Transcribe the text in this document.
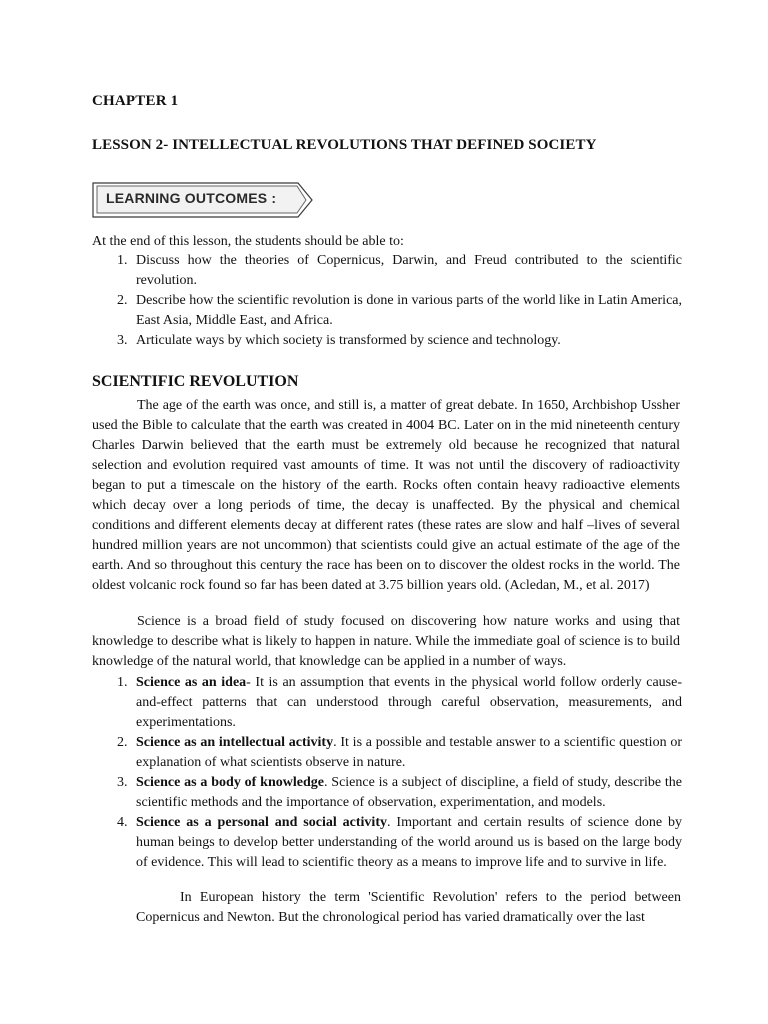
CHAPTER 1
LESSON 2- INTELLECTUAL REVOLUTIONS THAT DEFINED SOCIETY
LEARNING OUTCOMES :
At the end of this lesson, the students should be able to:
1. Discuss how the theories of Copernicus, Darwin, and Freud contributed to the scientific revolution.
2. Describe how the scientific revolution is done in various parts of the world like in Latin America, East Asia, Middle East, and Africa.
3. Articulate ways by which society is transformed by science and technology.
SCIENTIFIC REVOLUTION
The age of the earth was once, and still is, a matter of great debate. In 1650, Archbishop Ussher used the Bible to calculate that the earth was created in 4004 BC. Later on in the mid nineteenth century Charles Darwin believed that the earth must be extremely old because he recognized that natural selection and evolution required vast amounts of time. It was not until the discovery of radioactivity began to put a timescale on the history of the earth. Rocks often contain heavy radioactive elements which decay over a long periods of time, the decay is unaffected. By the physical and chemical conditions and different elements decay at different rates (these rates are slow and half –lives of several hundred million years are not uncommon) that scientists could give an actual estimate of the age of the earth. And so throughout this century the race has been on to discover the oldest rocks in the world. The oldest volcanic rock found so far has been dated at 3.75 billion years old. (Acledan, M., et al. 2017)
Science is a broad field of study focused on discovering how nature works and using that knowledge to describe what is likely to happen in nature. While the immediate goal of science is to build knowledge of the natural world, that knowledge can be applied in a number of ways.
1. Science as an idea- It is an assumption that events in the physical world follow orderly cause-and-effect patterns that can understood through careful observation, measurements, and experimentations.
2. Science as an intellectual activity. It is a possible and testable answer to a scientific question or explanation of what scientists observe in nature.
3. Science as a body of knowledge. Science is a subject of discipline, a field of study, describe the scientific methods and the importance of observation, experimentation, and models.
4. Science as a personal and social activity. Important and certain results of science done by human beings to develop better understanding of the world around us is based on the large body of evidence. This will lead to scientific theory as a means to improve life and to survive in life.
In European history the term 'Scientific Revolution' refers to the period between Copernicus and Newton. But the chronological period has varied dramatically over the last
